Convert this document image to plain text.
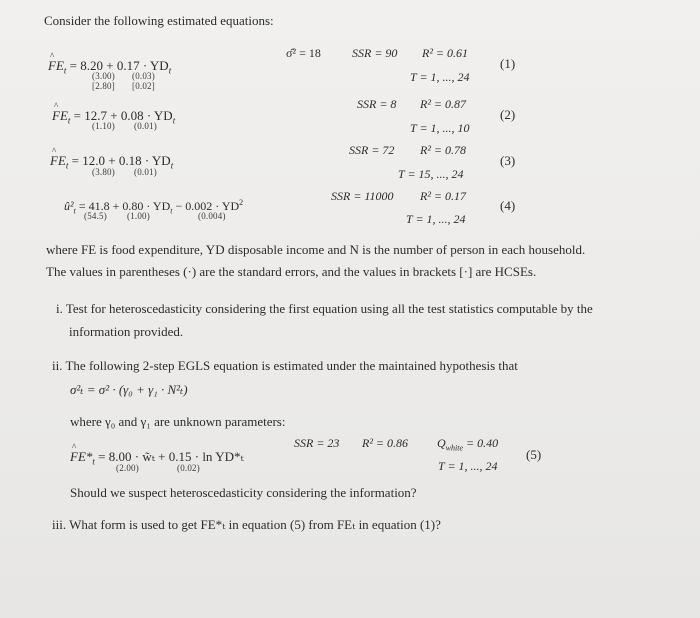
Consider the following estimated equations:
^ $FE_t = 8.20 + 0.17 \cdot YD_t$
(3.00) (0.03)
[2.80] [0.02]
σ̂² = 18	SSR = 90 R² = 0.61
T = 1, ..., 24
(1)
^ $FE_t = 12.7 + 0.08 \cdot YD_t$
(1.10) (0.01)
SSR = 8 R² = 0.87
T = 1, ..., 10
(2)
^ $FE_t = 12.0 + 0.18 \cdot YD_t$
(3.80) (0.01)
SSR = 72 R² = 0.78
T = 15, ..., 24
(3)
$û^2_t = 41.8 + 0.80 \cdot YD_t - 0.002 \cdot YD^2$
(54.5) (1.00)	(0.004)
SSR = 11000 R² = 0.17
T = 1, ..., 24
(4)
where FE is food expenditure, YD disposable income and N is the number of person in each household.
The values in parentheses (·) are the standard errors, and the values in brackets [·] are HCSEs.
i. Test for heteroscedasticity considering the first equation using all the test statistics computable by the
information provided.
ii. The following 2-step EGLS equation is estimated under the maintained hypothesis that
σ²ₜ = σ² · (γ₀ + γ₁ · N²ₜ)
where γ₀ and γ₁ are unknown parameters:
SSR = 23 R² = 0.86 $Q_{white} = 0.40$
^ $FE*_t = 8.00$ · w̃ₜ + 0.15 · ln YD*ₜ
(2.00)	(0.02)	T = 1, ..., 24
(5)
Should we suspect heteroscedasticity considering the information?
iii. What form is used to get FE*ₜ in equation (5) from FEₜ in equation (1)?
